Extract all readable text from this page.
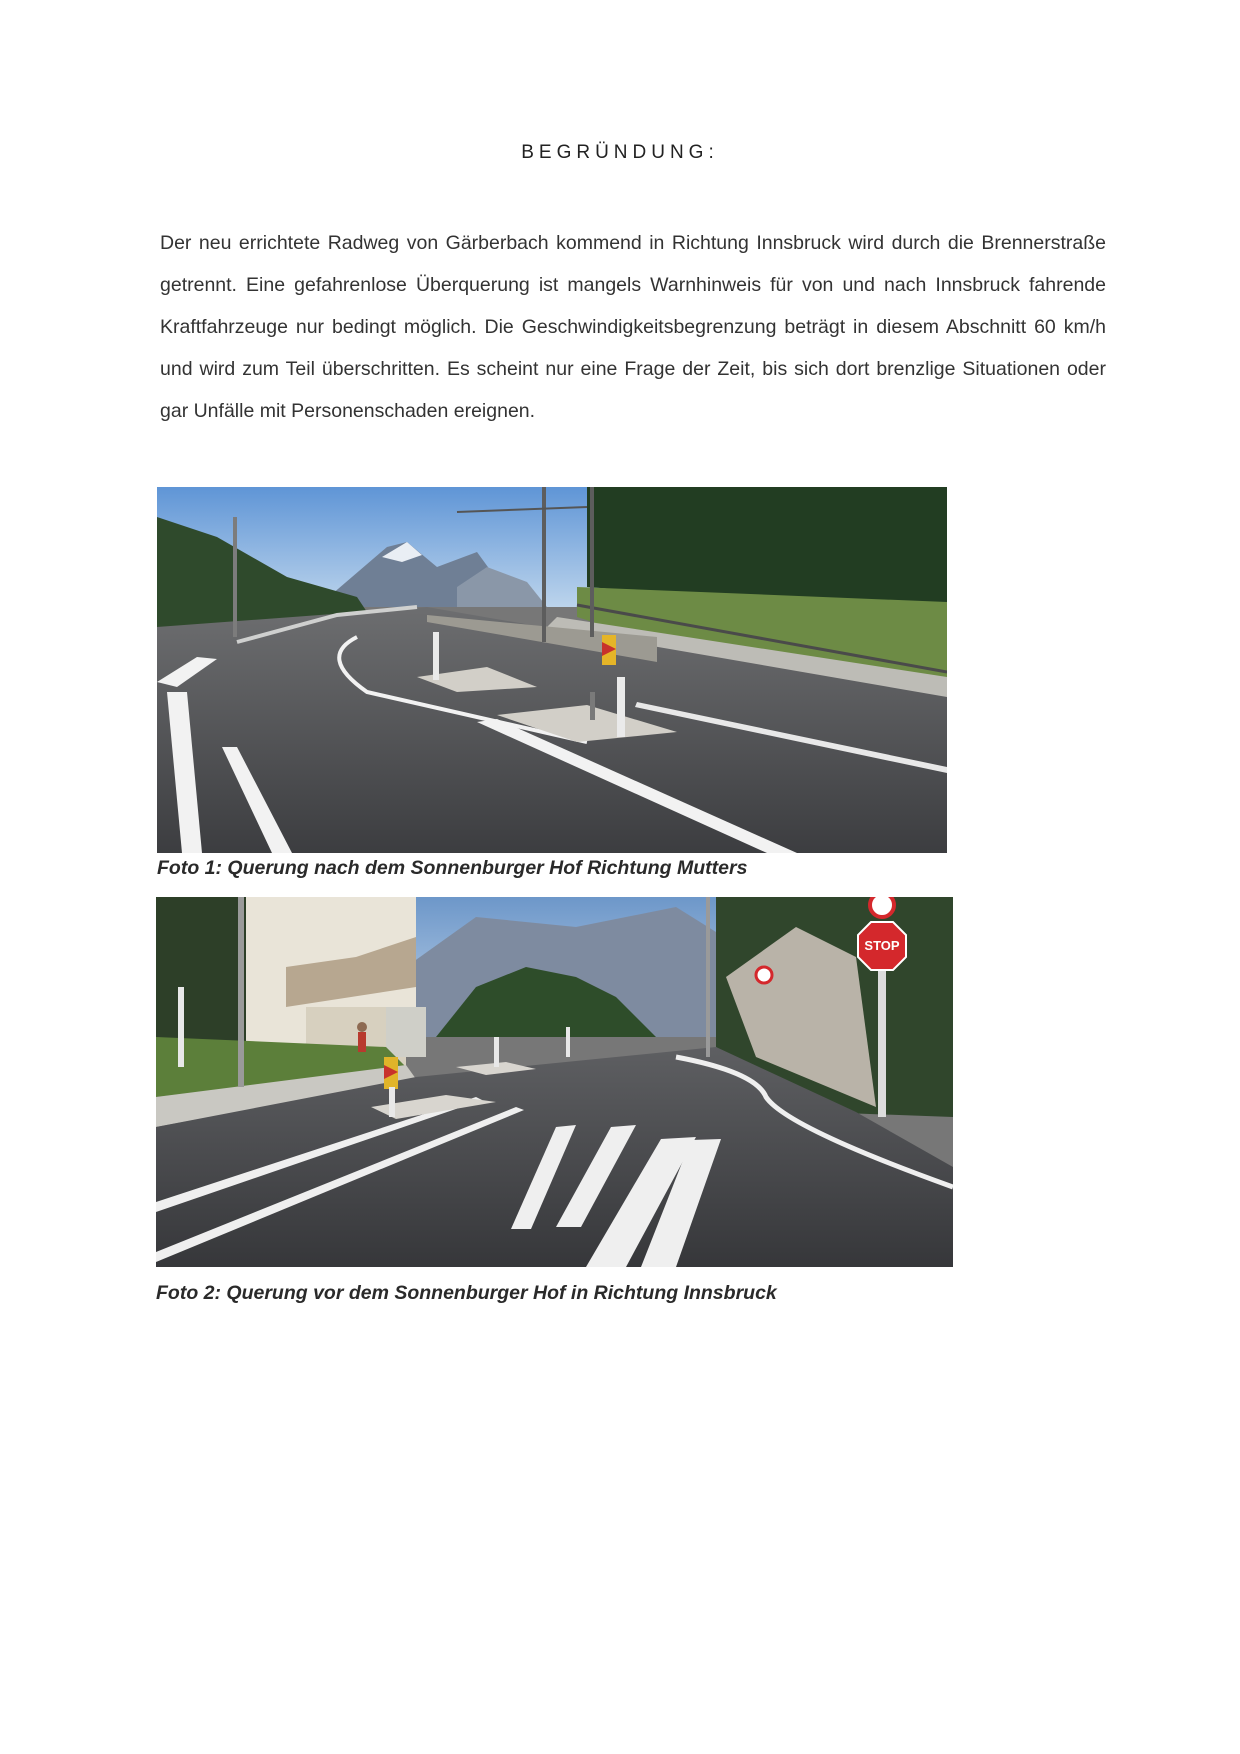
BEGRÜNDUNG:
Der neu errichtete Radweg von Gärberbach kommend in Richtung Innsbruck wird durch die Brennerstraße getrennt. Eine gefahrenlose Überquerung ist mangels Warnhinweis für von und nach Innsbruck fahrende Kraftfahrzeuge nur bedingt möglich. Die Geschwindigkeitsbegrenzung beträgt in diesem Abschnitt 60 km/h und wird zum Teil überschritten. Es scheint nur eine Frage der Zeit, bis sich dort brenzlige Situationen oder gar Unfälle mit Personenschaden ereignen.
Foto 1: Querung nach dem Sonnenburger Hof Richtung Mutters
STOP
Foto 2: Querung vor dem Sonnenburger Hof in Richtung Innsbruck
